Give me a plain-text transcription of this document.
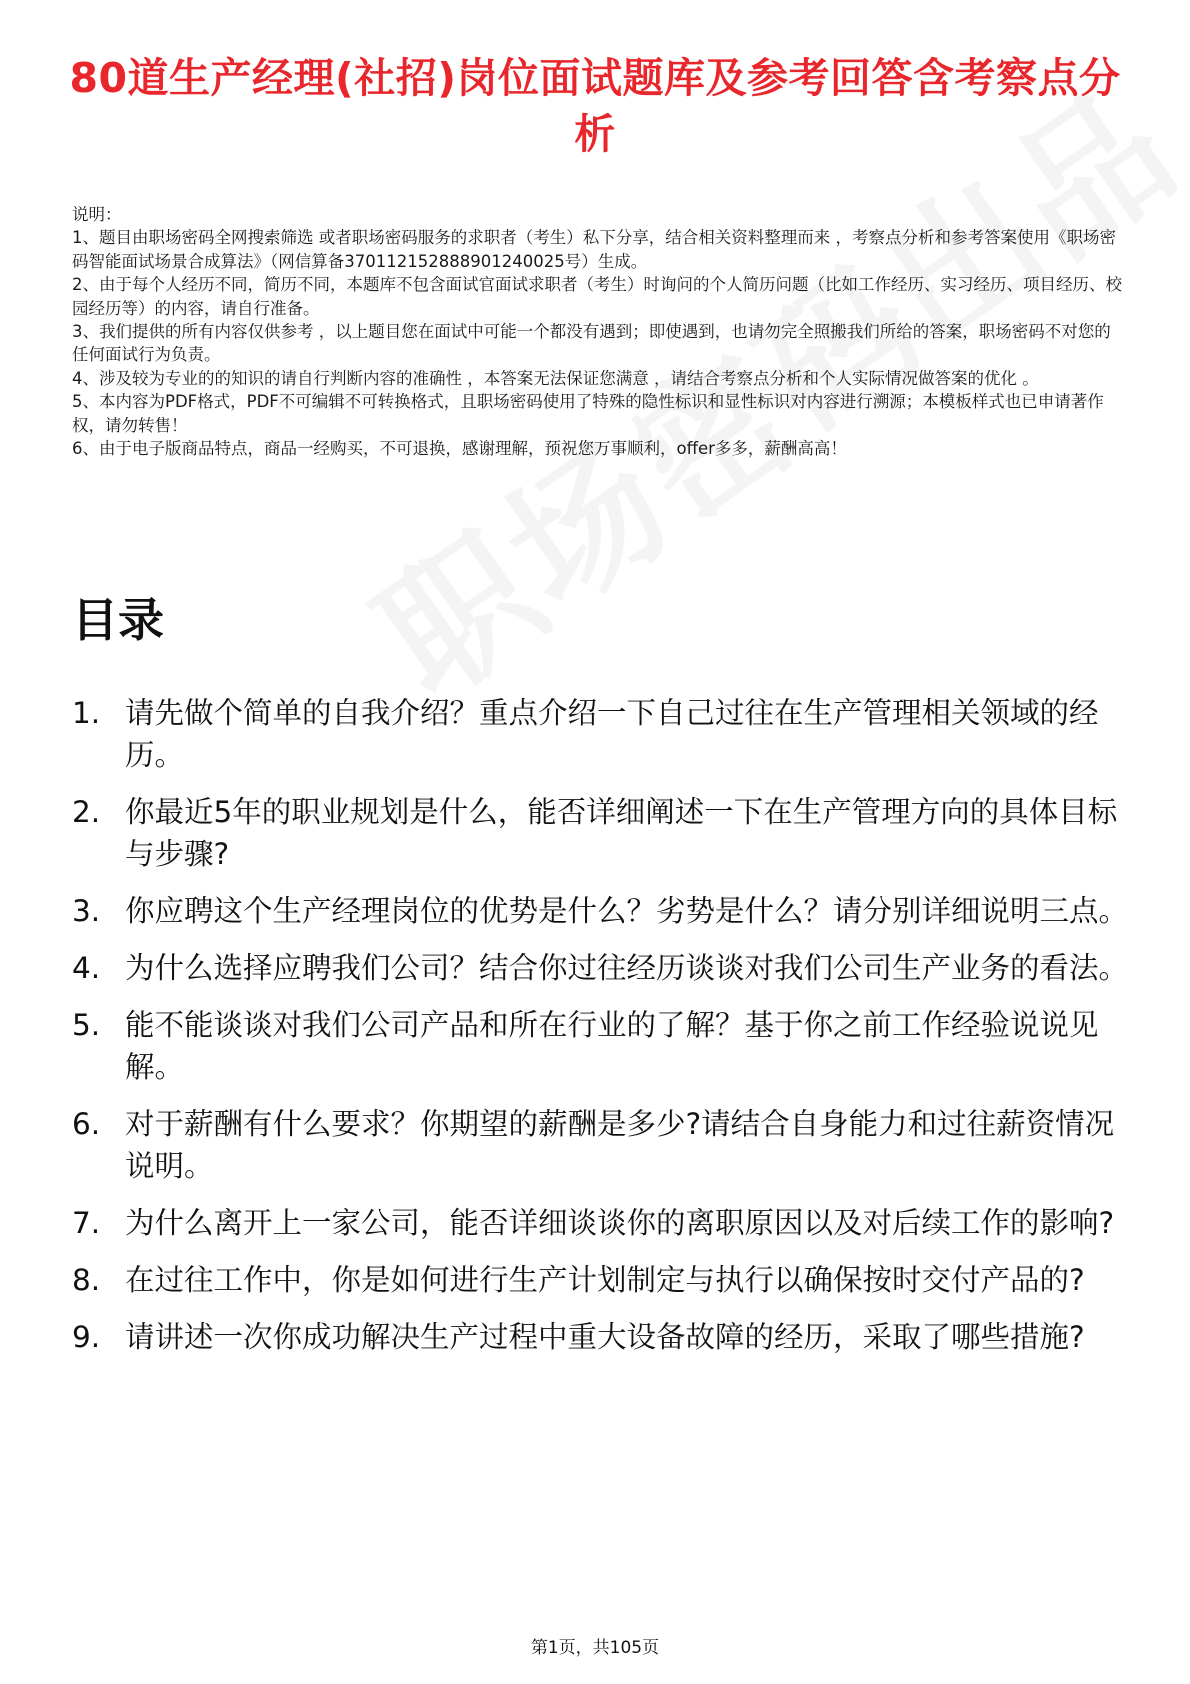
80道生产经理(社招)岗位面试题库及参考回答含考察点分析
说明：
1、题目由职场密码全网搜索筛选 或者职场密码服务的求职者（考生）私下分享，结合相关资料整理而来 ，考察点分析和参考答案使用《职场密码智能面试场景合成算法》（网信算备370112152888901240025号）生成。
2、由于每个人经历不同，简历不同，本题库不包含面试官面试求职者（考生）时询问的个人简历问题（比如工作经历、实习经历、项目经历、校园经历等）的内容，请自行准备。
3、我们提供的所有内容仅供参考 ，以上题目您在面试中可能一个都没有遇到；即使遇到，也请勿完全照搬我们所给的答案，职场密码不对您的任何面试行为负责。
4、涉及较为专业的的知识的请自行判断内容的准确性 ，本答案无法保证您满意 ，请结合考察点分析和个人实际情况做答案的优化 。
5、本内容为PDF格式，PDF不可编辑不可转换格式，且职场密码使用了特殊的隐性标识和显性标识对内容进行溯源；本模板样式也已申请著作权，请勿转售！
6、由于电子版商品特点，商品一经购买，不可退换，感谢理解，预祝您万事顺利，offer多多，薪酬高高！
目录
1. 请先做个简单的自我介绍？重点介绍一下自己过往在生产管理相关领域的经历。
2. 你最近5年的职业规划是什么，能否详细阐述一下在生产管理方向的具体目标与步骤?
3. 你应聘这个生产经理岗位的优势是什么？劣势是什么？请分别详细说明三点。
4. 为什么选择应聘我们公司？结合你过往经历谈谈对我们公司生产业务的看法。
5. 能不能谈谈对我们公司产品和所在行业的了解？基于你之前工作经验说说见解。
6. 对于薪酬有什么要求？你期望的薪酬是多少?请结合自身能力和过往薪资情况说明。
7. 为什么离开上一家公司，能否详细谈谈你的离职原因以及对后续工作的影响?
8. 在过往工作中，你是如何进行生产计划制定与执行以确保按时交付产品的?
9. 请讲述一次你成功解决生产过程中重大设备故障的经历，采取了哪些措施?
第1页，共105页
